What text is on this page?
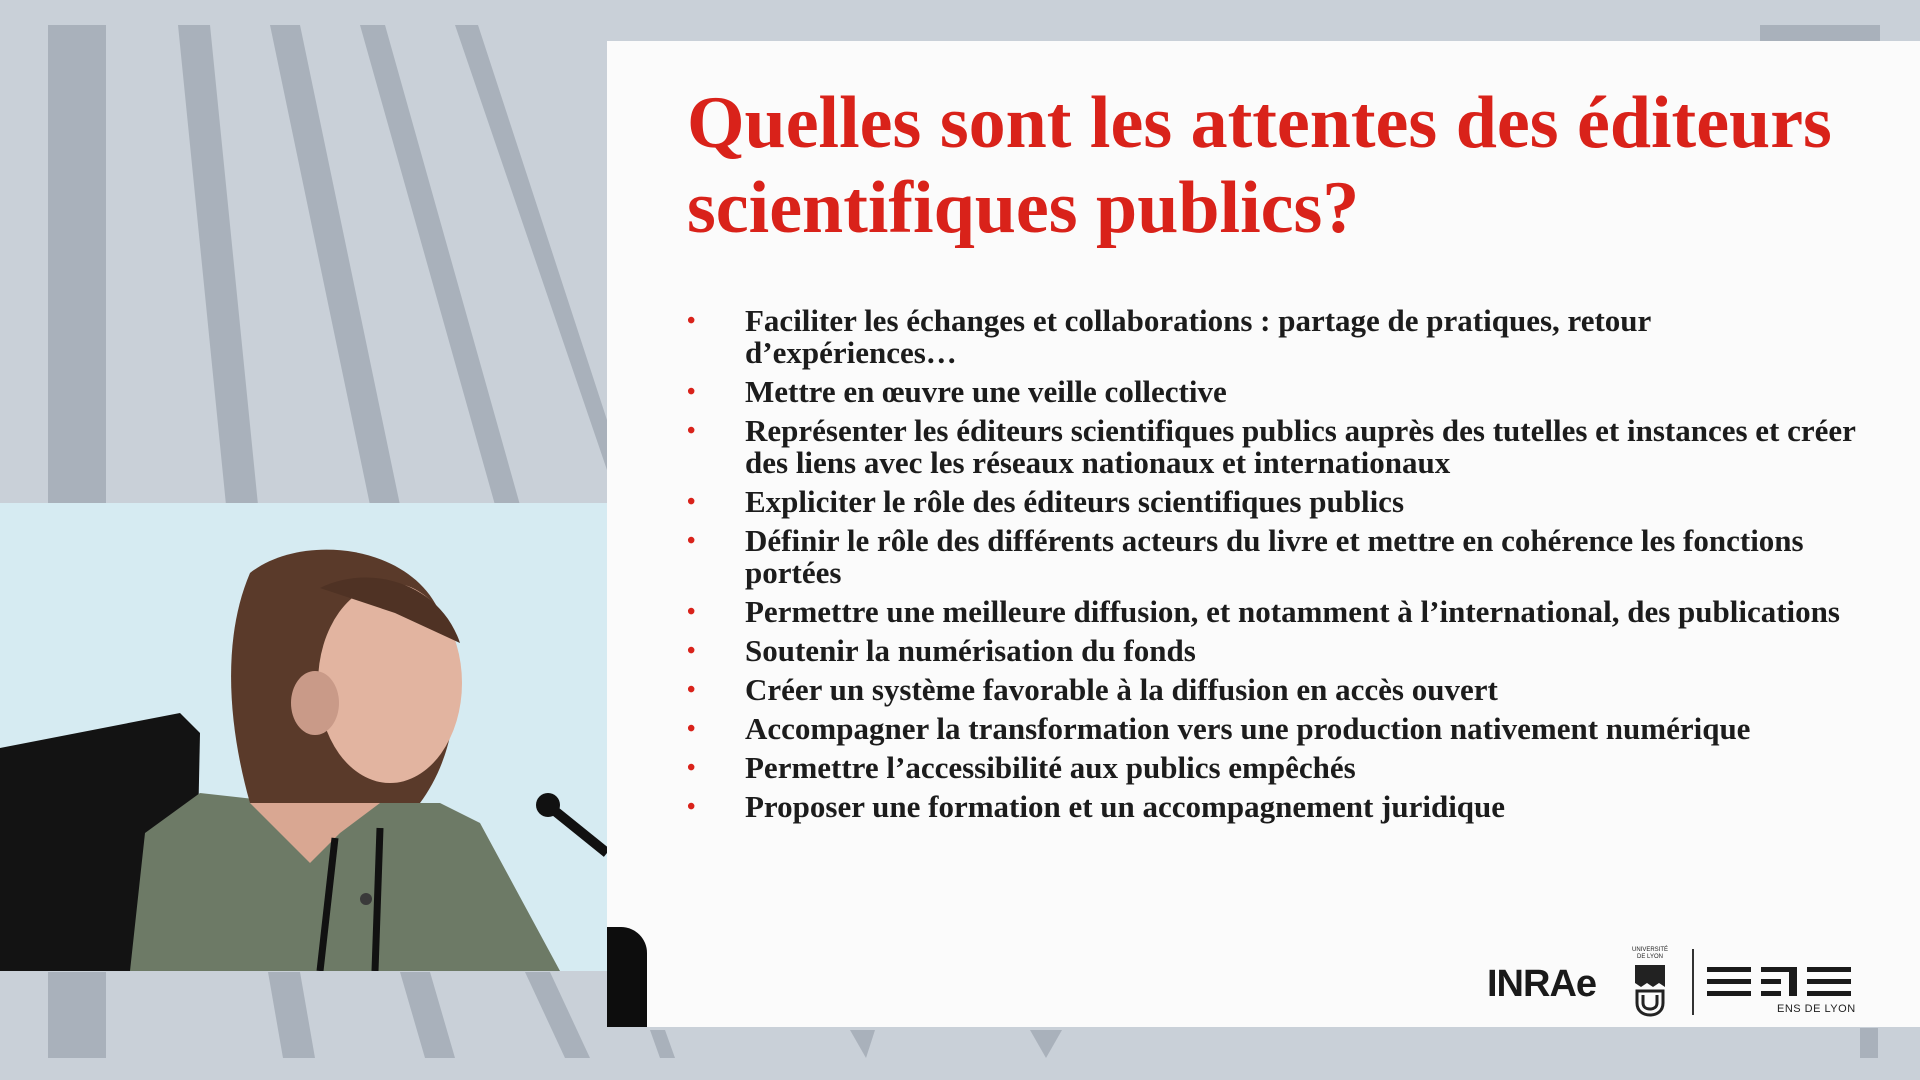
Quelles sont les attentes des éditeurs scientifiques publics?
• Faciliter les échanges et collaborations : partage de pratiques, retour d’expériences…
• Mettre en œuvre une veille collective
• Représenter les éditeurs scientifiques publics auprès des tutelles et instances et créer des liens avec les réseaux nationaux et internationaux
• Expliciter le rôle des éditeurs scientifiques publics
• Définir le rôle des différents acteurs du livre et mettre en cohérence les fonctions portées
• Permettre une meilleure diffusion, et notamment à l’international, des publications
• Soutenir la numérisation du fonds
• Créer un système favorable à la diffusion en accès ouvert
• Accompagner la transformation vers une production nativement numérique
• Permettre l’accessibilité aux publics empêchés
• Proposer une formation et un accompagnement juridique
INRAe
UNIVERSITÉ DE LYON
ENS DE LYON
